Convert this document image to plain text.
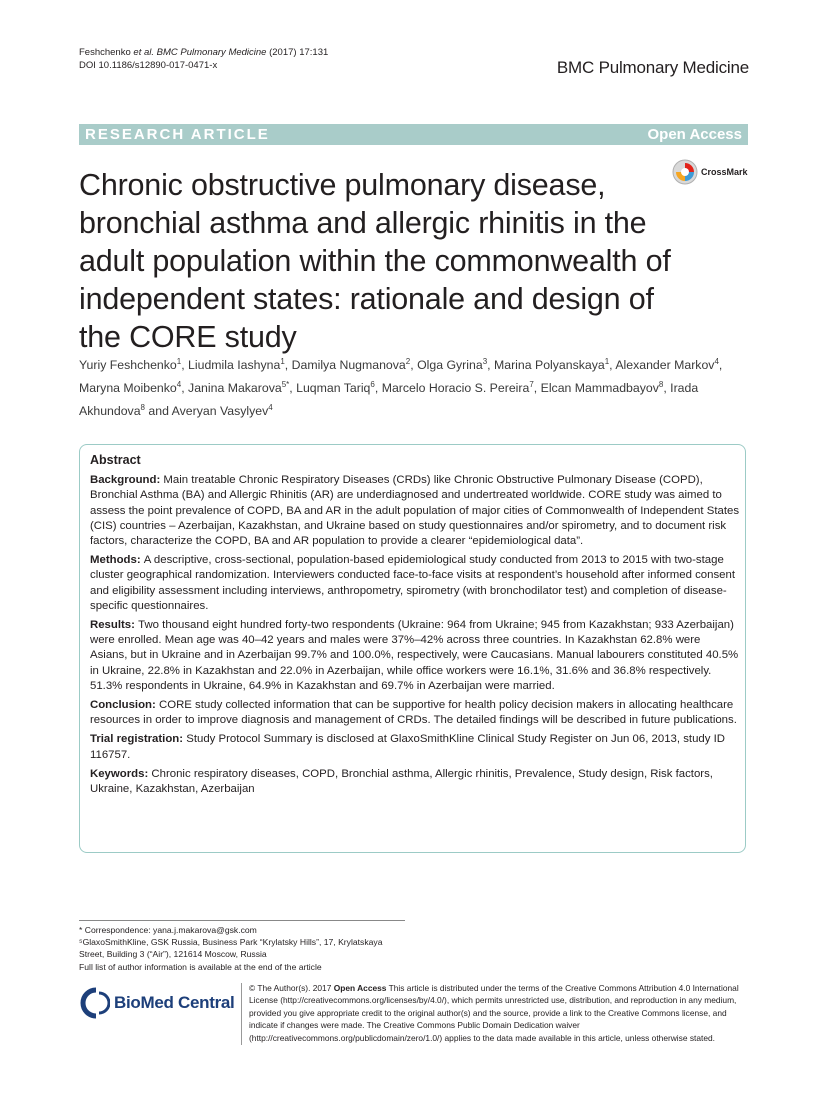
Feshchenko et al. BMC Pulmonary Medicine (2017) 17:131
DOI 10.1186/s12890-017-0471-x	BMC Pulmonary Medicine
RESEARCH ARTICLE	Open Access
CrossMark
Chronic obstructive pulmonary disease, bronchial asthma and allergic rhinitis in the adult population within the commonwealth of independent states: rationale and design of the CORE study
Yuriy Feshchenko$^1$, Liudmila Iashyna$^1$, Damilya Nugmanova$^2$, Olga Gyrina$^3$, Marina Polyanskaya$^1$, Alexander Markov$^4$, Maryna Moibenko$^4$, Janina Makarova$^{5*}$, Luqman Tariq$^6$, Marcelo Horacio S. Pereira$^7$, Elcan Mammadbayov$^8$, Irada Akhundova$^8$ and Averyan Vasylyev$^4$
Abstract
Background: Main treatable Chronic Respiratory Diseases (CRDs) like Chronic Obstructive Pulmonary Disease (COPD), Bronchial Asthma (BA) and Allergic Rhinitis (AR) are underdiagnosed and undertreated worldwide. CORE study was aimed to assess the point prevalence of COPD, BA and AR in the adult population of major cities of Commonwealth of Independent States (CIS) countries – Azerbaijan, Kazakhstan, and Ukraine based on study questionnaires and/or spirometry, and to document risk factors, characterize the COPD, BA and AR population to provide a clearer “epidemiological data”.
Methods: A descriptive, cross-sectional, population-based epidemiological study conducted from 2013 to 2015 with two-stage cluster geographical randomization. Interviewers conducted face-to-face visits at respondent’s household after informed consent and eligibility assessment including interviews, anthropometry, spirometry (with bronchodilator test) and completion of disease-specific questionnaires.
Results: Two thousand eight hundred forty-two respondents (Ukraine: 964 from Ukraine; 945 from Kazakhstan; 933 Azerbaijan) were enrolled. Mean age was 40–42 years and males were 37%–42% across three countries. In Kazakhstan 62.8% were Asians, but in Ukraine and in Azerbaijan 99.7% and 100.0%, respectively, were Caucasians. Manual labourers constituted 40.5% in Ukraine, 22.8% in Kazakhstan and 22.0% in Azerbaijan, while office workers were 16.1%, 31.6% and 36.8% respectively. 51.3% respondents in Ukraine, 64.9% in Kazakhstan and 69.7% in Azerbaijan were married.
Conclusion: CORE study collected information that can be supportive for health policy decision makers in allocating healthcare resources in order to improve diagnosis and management of CRDs. The detailed findings will be described in future publications.
Trial registration: Study Protocol Summary is disclosed at GlaxoSmithKline Clinical Study Register on Jun 06, 2013, study ID 116757.
Keywords: Chronic respiratory diseases, COPD, Bronchial asthma, Allergic rhinitis, Prevalence, Study design, Risk factors, Ukraine, Kazakhstan, Azerbaijan
* Correspondence: yana.j.makarova@gsk.com
⁵GlaxoSmithKline, GSK Russia, Business Park “Krylatsky Hills”, 17, Krylatskaya
Street, Building 3 (“Air”), 121614 Moscow, Russia
Full list of author information is available at the end of the article
BioMed Central
© The Author(s). 2017 Open Access This article is distributed under the terms of the Creative Commons Attribution 4.0 International License (http://creativecommons.org/licenses/by/4.0/), which permits unrestricted use, distribution, and reproduction in any medium, provided you give appropriate credit to the original author(s) and the source, provide a link to the Creative Commons license, and indicate if changes were made. The Creative Commons Public Domain Dedication waiver (http://creativecommons.org/publicdomain/zero/1.0/) applies to the data made available in this article, unless otherwise stated.
